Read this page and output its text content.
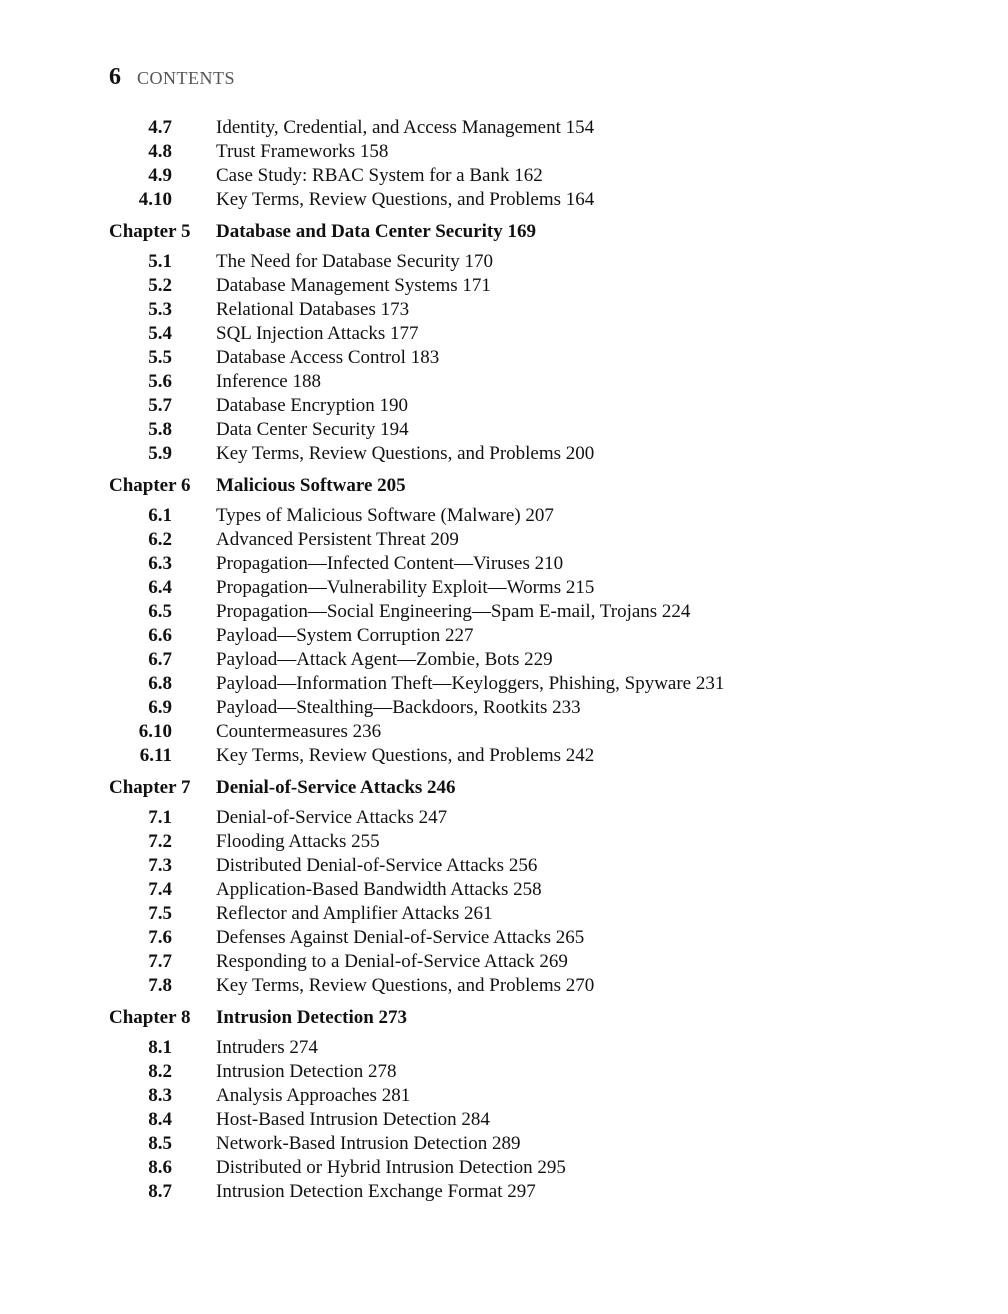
6 CONTENTS
4.7 Identity, Credential, and Access Management 154
4.8 Trust Frameworks 158
4.9 Case Study: RBAC System for a Bank 162
4.10 Key Terms, Review Questions, and Problems 164
Chapter 5	Database and Data Center Security 169
5.1 The Need for Database Security 170
5.2 Database Management Systems 171
5.3 Relational Databases 173
5.4 SQL Injection Attacks 177
5.5 Database Access Control 183
5.6 Inference 188
5.7 Database Encryption 190
5.8 Data Center Security 194
5.9 Key Terms, Review Questions, and Problems 200
Chapter 6	Malicious Software 205
6.1 Types of Malicious Software (Malware) 207
6.2 Advanced Persistent Threat 209
6.3 Propagation—Infected Content—Viruses 210
6.4 Propagation—Vulnerability Exploit—Worms 215
6.5 Propagation—Social Engineering—Spam E-mail, Trojans 224
6.6 Payload—System Corruption 227
6.7 Payload—Attack Agent—Zombie, Bots 229
6.8 Payload—Information Theft—Keyloggers, Phishing, Spyware 231
6.9 Payload—Stealthing—Backdoors, Rootkits 233
6.10 Countermeasures 236
6.11 Key Terms, Review Questions, and Problems 242
Chapter 7	Denial-of-Service Attacks 246
7.1 Denial-of-Service Attacks 247
7.2 Flooding Attacks 255
7.3 Distributed Denial-of-Service Attacks 256
7.4 Application-Based Bandwidth Attacks 258
7.5 Reflector and Amplifier Attacks 261
7.6 Defenses Against Denial-of-Service Attacks 265
7.7 Responding to a Denial-of-Service Attack 269
7.8 Key Terms, Review Questions, and Problems 270
Chapter 8	Intrusion Detection 273
8.1 Intruders 274
8.2 Intrusion Detection 278
8.3 Analysis Approaches 281
8.4 Host-Based Intrusion Detection 284
8.5 Network-Based Intrusion Detection 289
8.6 Distributed or Hybrid Intrusion Detection 295
8.7 Intrusion Detection Exchange Format 297
